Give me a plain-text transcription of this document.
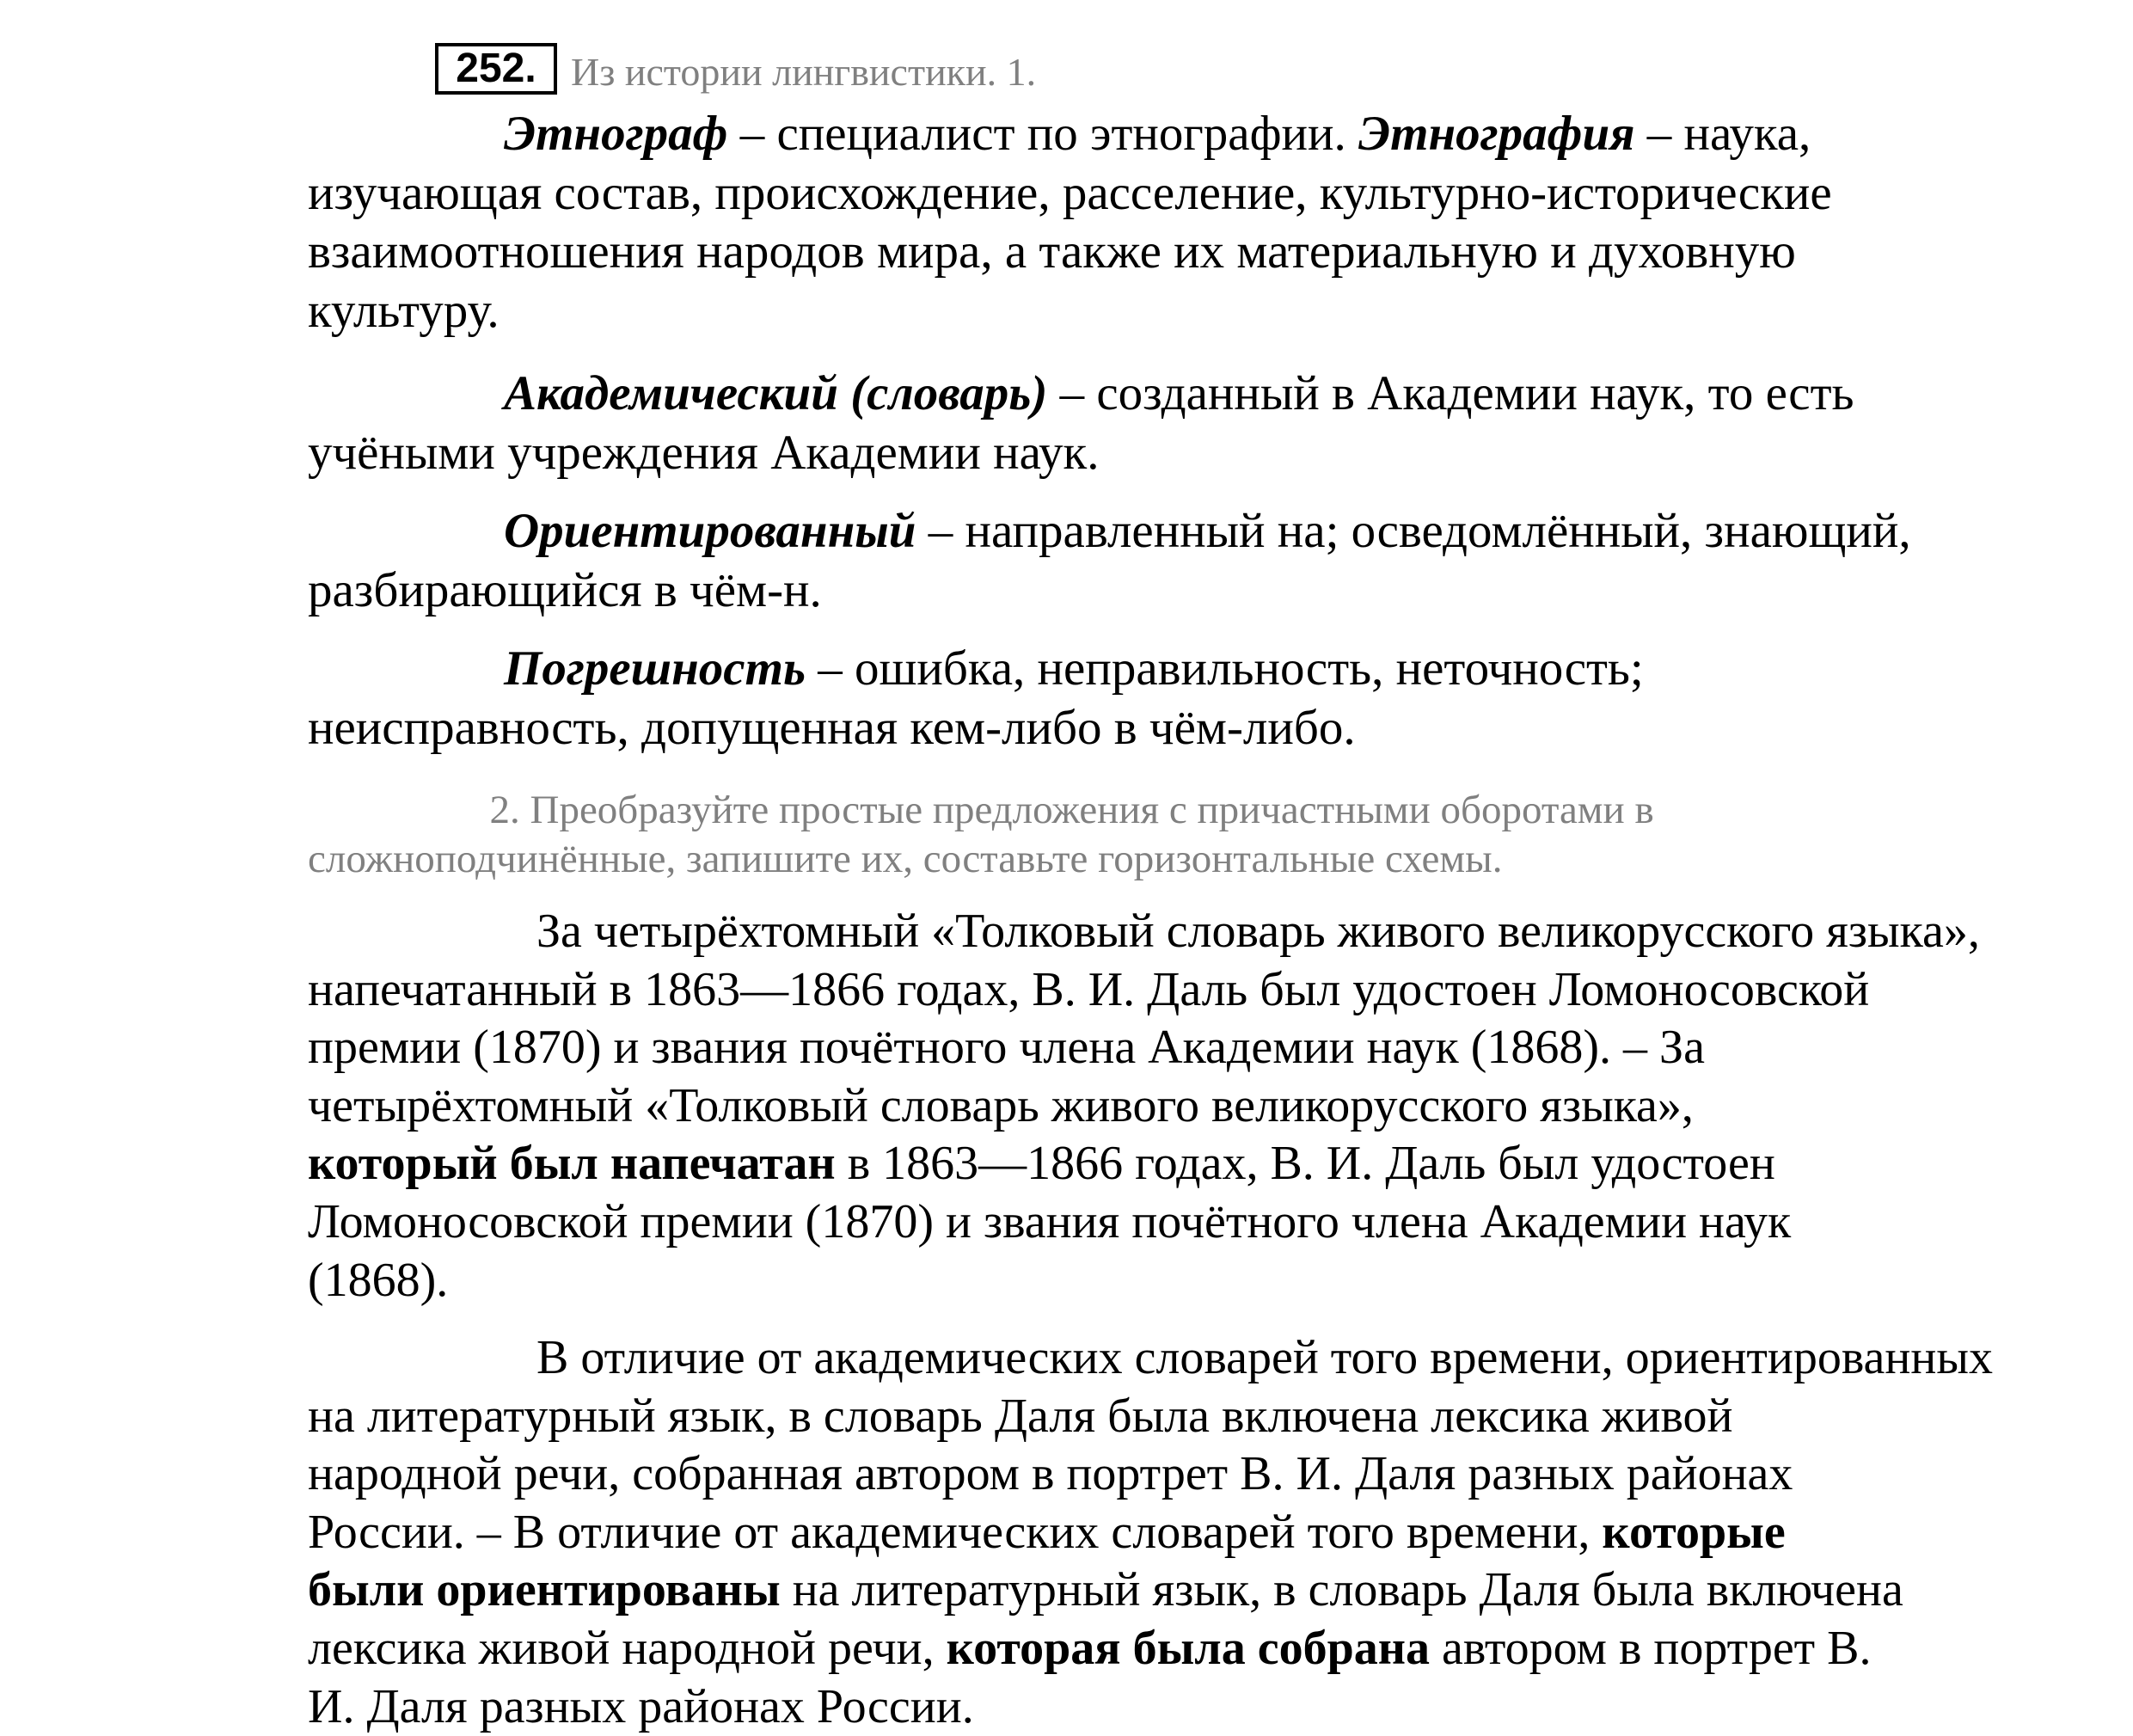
252. Из истории лингвистики. 1.
Этнограф – специалист по этнографии. Этнография – наука,
изучающая состав, происхождение, расселение, культурно-исторические
взаимоотношения народов мира, а также их материальную и духовную
культуру.
Академический (словарь) – созданный в Академии наук, то есть
учёными учреждения Академии наук.
Ориентированный – направленный на; осведомлённый, знающий,
разбирающийся в чём-н.
Погрешность – ошибка, неправильность, неточность;
неисправность, допущенная кем-либо в чём-либо.
2. Преобразуйте простые предложения с причастными оборотами в
сложноподчинённые, запишите их, составьте горизонтальные схемы.
За четырёхтомный «Толковый словарь живого великорусского языка»,
напечатанный в 1863—1866 годах, В. И. Даль был удостоен Ломоносовской
премии (1870) и звания почётного члена Академии наук (1868). – За
четырёхтомный «Толковый словарь живого великорусского языка»,
который был напечатан в 1863—1866 годах, В. И. Даль был удостоен
Ломоносовской премии (1870) и звания почётного члена Академии наук
(1868).
В отличие от академических словарей того времени, ориентированных
на литературный язык, в словарь Даля была включена лексика живой
народной речи, собранная автором в портрет В. И. Даля разных районах
России. – В отличие от академических словарей того времени, которые
были ориентированы на литературный язык, в словарь Даля была включена
лексика живой народной речи, которая была собрана автором в портрет В.
И. Даля разных районах России.
